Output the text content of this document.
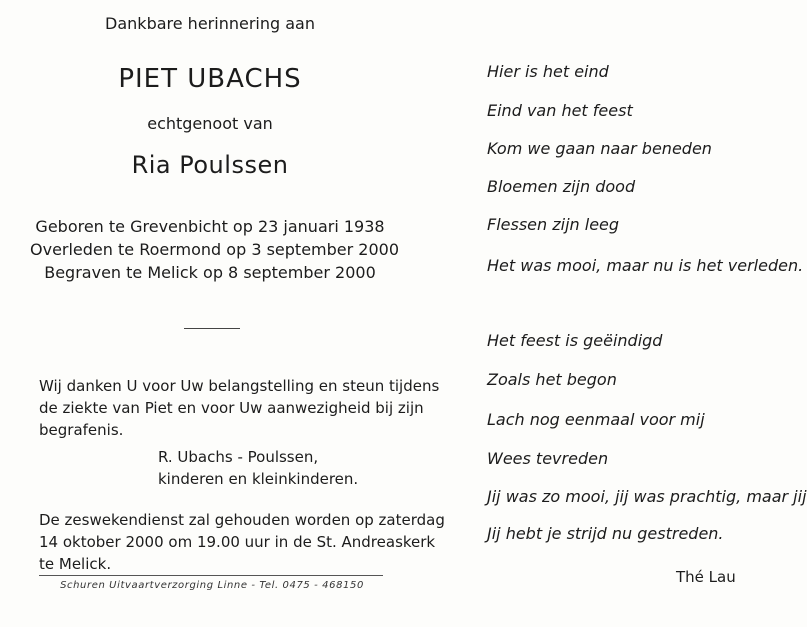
Dankbare herinnering aan
PIET UBACHS
echtgenoot van
Ria Poulssen
Geboren te Grevenbicht op 23 januari 1938
Overleden te Roermond op 3 september 2000
Begraven te Melick op 8 september 2000
Wij danken U voor Uw belangstelling en steun tijdens
de ziekte van Piet en voor Uw aanwezigheid bij zijn
begrafenis.
R. Ubachs - Poulssen,
kinderen en kleinkinderen.
De zeswekendienst zal gehouden worden op zaterdag
14 oktober 2000 om 19.00 uur in de St. Andreaskerk
te Melick.
Schuren Uitvaartverzorging Linne - Tel. 0475 - 468150
Hier is het eind
Eind van het feest
Kom we gaan naar beneden
Bloemen zijn dood
Flessen zijn leeg
Het was mooi, maar nu is het verleden.
Het feest is geëindigd
Zoals het begon
Lach nog eenmaal voor mij
Wees tevreden
Jij was zo mooi, jij was prachtig, maar jij
Jij hebt je strijd nu gestreden.
Thé Lau
